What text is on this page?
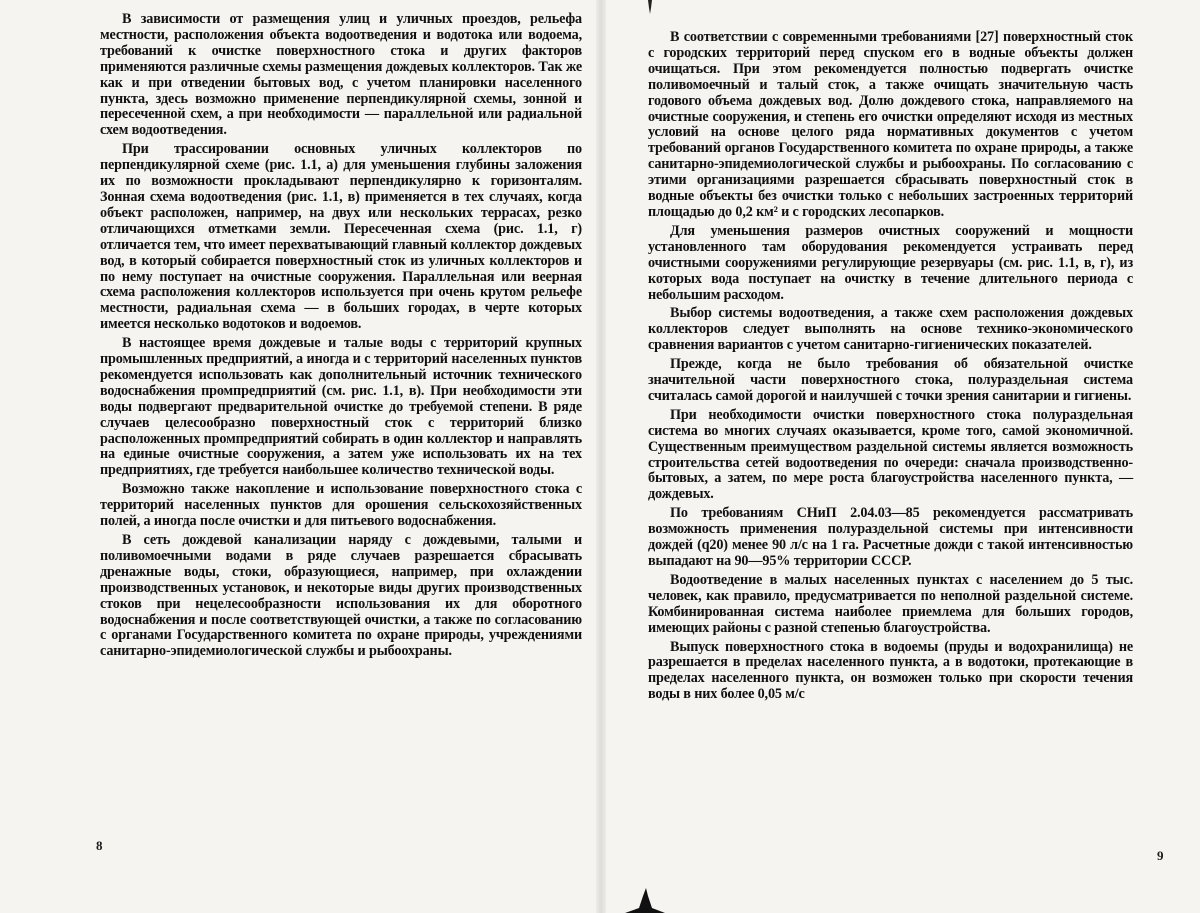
В зависимости от размещения улиц и уличных проездов, рельефа местности, расположения объекта водоотведения и водотока или водоема, требований к очистке поверхностного стока и других факторов применяются различные схемы размещения дождевых коллекторов. Так же как и при отведении бытовых вод, с учетом планировки населенного пункта, здесь возможно применение перпендикулярной схемы, зонной и пересеченной схем, а при необходимости — параллельной или радиальной схем водоотведения.

При трассировании основных уличных коллекторов по перпендикулярной схеме (рис. 1.1, а) для уменьшения глубины заложения их по возможности прокладывают перпендикулярно к горизонталям. Зонная схема водоотведения (рис. 1.1, в) применяется в тех случаях, когда объект расположен, например, на двух или нескольких террасах, резко отличающихся отметками земли. Пересеченная схема (рис. 1.1, г) отличается тем, что имеет перехватывающий главный коллектор дождевых вод, в который собирается поверхностный сток из уличных коллекторов и по нему поступает на очистные сооружения. Параллельная или веерная схема расположения коллекторов используется при очень крутом рельефе местности, радиальная схема — в больших городах, в черте которых имеется несколько водотоков и водоемов.

В настоящее время дождевые и талые воды с территорий крупных промышленных предприятий, а иногда и с территорий населенных пунктов рекомендуется использовать как дополнительный источник технического водоснабжения промпредприятий (см. рис. 1.1, в). При необходимости эти воды подвергают предварительной очистке до требуемой степени. В ряде случаев целесообразно поверхностный сток с территорий близко расположенных промпредприятий собирать в один коллектор и направлять на единые очистные сооружения, а затем уже использовать их на тех предприятиях, где требуется наибольшее количество технической воды.

Возможно также накопление и использование поверхностного стока с территорий населенных пунктов для орошения сельскохозяйственных полей, а иногда после очистки и для питьевого водоснабжения.

В сеть дождевой канализации наряду с дождевыми, талыми и поливомоечными водами в ряде случаев разрешается сбрасывать дренажные воды, стоки, образующиеся, например, при охлаждении производственных установок, и некоторые виды других производственных стоков при нецелесообразности использования их для оборотного водоснабжения и после соответствующей очистки, а также по согласованию с органами Государственного комитета по охране природы, учреждениями санитарно-эпидемиологической службы и рыбоохраны.

8

В соответствии с современными требованиями [27] поверхностный сток с городских территорий перед спуском его в водные объекты должен очищаться. При этом рекомендуется полностью подвергать очистке поливомоечный и талый сток, а также очищать значительную часть годового объема дождевых вод. Долю дождевого стока, направляемого на очистные сооружения, и степень его очистки определяют исходя из местных условий на основе целого ряда нормативных документов с учетом требований органов Государственного комитета по охране природы, а также санитарно-эпидемиологической службы и рыбоохраны. По согласованию с этими организациями разрешается сбрасывать поверхностный сток в водные объекты без очистки только с небольших застроенных территорий площадью до 0,2 км² и с городских лесопарков.

Для уменьшения размеров очистных сооружений и мощности установленного там оборудования рекомендуется устраивать перед очистными сооружениями регулирующие резервуары (см. рис. 1.1, в, г), из которых вода поступает на очистку в течение длительного периода с небольшим расходом.

Выбор системы водоотведения, а также схем расположения дождевых коллекторов следует выполнять на основе технико-экономического сравнения вариантов с учетом санитарно-гигиенических показателей.

Прежде, когда не было требования об обязательной очистке значительной части поверхностного стока, полураздельная система считалась самой дорогой и наилучшей с точки зрения санитарии и гигиены.

При необходимости очистки поверхностного стока полураздельная система во многих случаях оказывается, кроме того, самой экономичной. Существенным преимуществом раздельной системы является возможность строительства сетей водоотведения по очереди: сначала производственно-бытовых, а затем, по мере роста благоустройства населенного пункта, — дождевых.

По требованиям СНиП 2.04.03—85 рекомендуется рассматривать возможность применения полураздельной системы при интенсивности дождей (q20) менее 90 л/с на 1 га. Расчетные дожди с такой интенсивностью выпадают на 90—95% территории СССР.

Водоотведение в малых населенных пунктах с населением до 5 тыс. человек, как правило, предусматривается по неполной раздельной системе. Комбинированная система наиболее приемлема для больших городов, имеющих районы с разной степенью благоустройства.

Выпуск поверхностного стока в водоемы (пруды и водохранилища) не разрешается в пределах населенного пункта, а в водотоки, протекающие в пределах населенного пункта, он возможен только при скорости течения воды в них более 0,05 м/с

9
